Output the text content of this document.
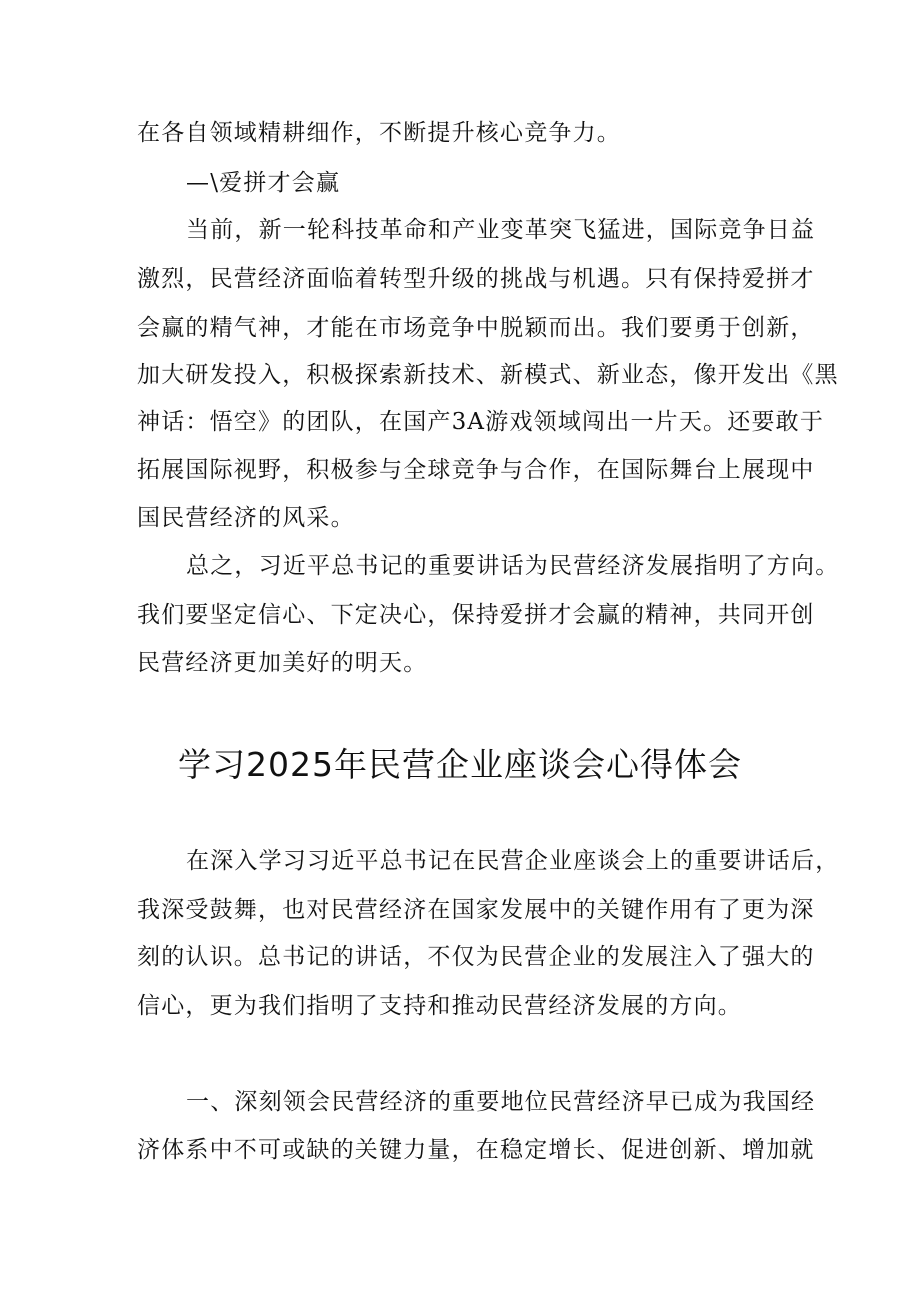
在各自领域精耕细作，不断提升核心竞争力。
—\爱拼才会赢
当前，新一轮科技革命和产业变革突飞猛进，国际竞争日益
激烈，民营经济面临着转型升级的挑战与机遇。只有保持爱拼才
会赢的精气神，才能在市场竞争中脱颖而出。我们要勇于创新，
加大研发投入，积极探索新技术、新模式、新业态，像开发出《黑
神话：悟空》的团队，在国产3A游戏领域闯出一片天。还要敢于
拓展国际视野，积极参与全球竞争与合作，在国际舞台上展现中
国民营经济的风采。
总之，习近平总书记的重要讲话为民营经济发展指明了方向。
我们要坚定信心、下定决心，保持爱拼才会赢的精神，共同开创
民营经济更加美好的明天。
学习2025年民营企业座谈会心得体会
在深入学习习近平总书记在民营企业座谈会上的重要讲话后，
我深受鼓舞，也对民营经济在国家发展中的关键作用有了更为深
刻的认识。总书记的讲话，不仅为民营企业的发展注入了强大的
信心，更为我们指明了支持和推动民营经济发展的方向。
一、深刻领会民营经济的重要地位民营经济早已成为我国经
济体系中不可或缺的关键力量，在稳定增长、促进创新、增加就
